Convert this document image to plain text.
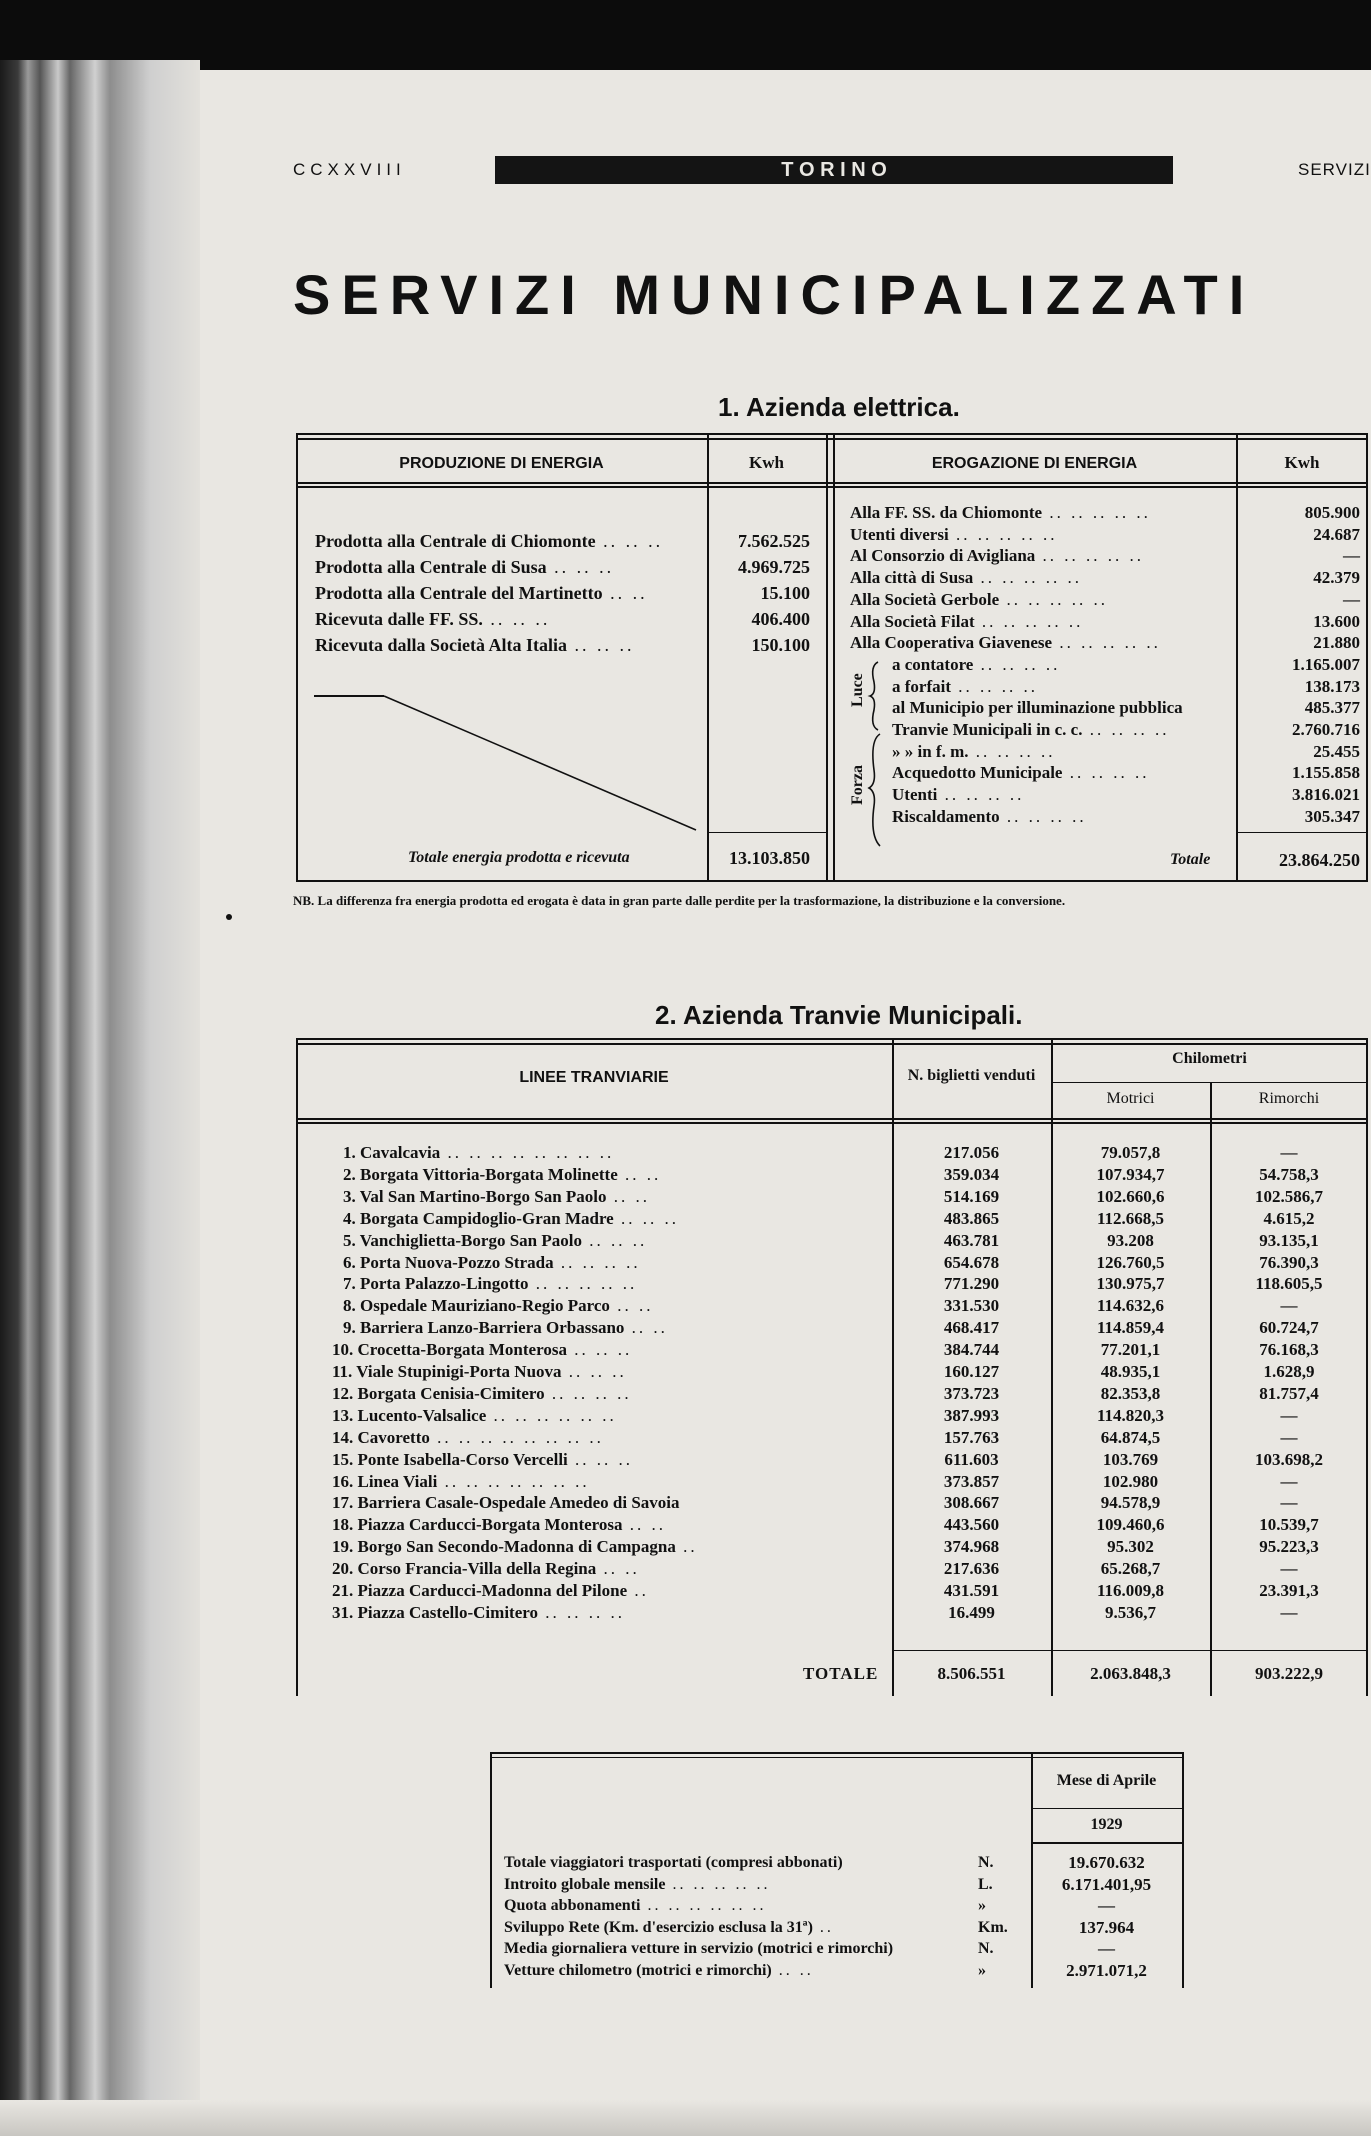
CCXXVIII	T O R I N O	SERVIZI
SERVIZI MUNICIPALIZZATI
1. Azienda elettrica.
PRODUZIONE DI ENERGIA	Kwh	EROGAZIONE DI ENERGIA	Kwh
Prodotta alla Centrale di Chiomonte .. .. ..	7.562.525
Prodotta alla Centrale di Susa .. .. ..	4.969.725
Prodotta alla Centrale del Martinetto .. ..	15.100
Ricevuta dalle FF. SS. .. .. ..	406.400
Ricevuta dalla Società Alta Italia .. .. ..	150.100
Alla FF. SS. da Chiomonte .. .. .. .. ..	805.900
Utenti diversi .. .. .. .. ..	24.687
Al Consorzio di Avigliana .. .. .. .. ..	—
Alla città di Susa .. .. .. .. ..	42.379
Alla Società Gerbole .. .. .. .. ..	—
Alla Società Filat .. .. .. .. ..	13.600
Alla Cooperativa Giavenese .. .. .. .. ..	21.880
a contatore .. .. .. ..	1.165.007
a forfait .. .. .. ..	138.173
al Municipio per illuminazione pubblica	485.377
Tranvie Municipali in c. c. .. .. .. ..	2.760.716
» » in f. m. .. .. .. ..	25.455
Acquedotto Municipale .. .. .. ..	1.155.858
Utenti .. .. .. ..	3.816.021
Riscaldamento .. .. .. ..	305.347
Totale energia prodotta e ricevuta	13.103.850	Totale	23.864.250
Luce
Forza
NB. La differenza fra energia prodotta ed erogata è data in gran parte dalle perdite per la trasformazione, la distribuzione e la conversione.
2. Azienda Tranvie Municipali.
LINEE TRANVIARIE	N. biglietti venduti
Chilometri
Motrici	Rimorchi
1. Cavalcavia .. .. .. .. .. .. .. ..	217.056	79.057,8	—
2. Borgata Vittoria-Borgata Molinette .. ..	359.034	107.934,7	54.758,3
3. Val San Martino-Borgo San Paolo .. ..	514.169	102.660,6	102.586,7
4. Borgata Campidoglio-Gran Madre .. .. ..	483.865	112.668,5	4.615,2
5. Vanchiglietta-Borgo San Paolo .. .. ..	463.781	93.208	93.135,1
6. Porta Nuova-Pozzo Strada .. .. .. ..	654.678	126.760,5	76.390,3
7. Porta Palazzo-Lingotto .. .. .. .. ..	771.290	130.975,7	118.605,5
8. Ospedale Mauriziano-Regio Parco .. ..	331.530	114.632,6	—
9. Barriera Lanzo-Barriera Orbassano .. ..	468.417	114.859,4	60.724,7
10. Crocetta-Borgata Monterosa .. .. ..	384.744	77.201,1	76.168,3
11. Viale Stupinigi-Porta Nuova .. .. ..	160.127	48.935,1	1.628,9
12. Borgata Cenisia-Cimitero .. .. .. ..	373.723	82.353,8	81.757,4
13. Lucento-Valsalice .. .. .. .. .. ..	387.993	114.820,3	—
14. Cavoretto .. .. .. .. .. .. .. ..	157.763	64.874,5	—
15. Ponte Isabella-Corso Vercelli .. .. ..	611.603	103.769	103.698,2
16. Linea Viali .. .. .. .. .. .. ..	373.857	102.980	—
17. Barriera Casale-Ospedale Amedeo di Savoia	308.667	94.578,9	—
18. Piazza Carducci-Borgata Monterosa .. ..	443.560	109.460,6	10.539,7
19. Borgo San Secondo-Madonna di Campagna ..	374.968	95.302	95.223,3
20. Corso Francia-Villa della Regina .. ..	217.636	65.268,7	—
21. Piazza Carducci-Madonna del Pilone ..	431.591	116.009,8	23.391,3
31. Piazza Castello-Cimitero .. .. .. ..	16.499	9.536,7	—
TOTALE	8.506.551	2.063.848,3	903.222,9
Mese di Aprile
1929
Totale viaggiatori trasportati (compresi abbonati)	N.	19.670.632
Introito globale mensile .. .. .. .. ..	L.	6.171.401,95
Quota abbonamenti .. .. .. .. .. ..	»	—
Sviluppo Rete (Km. d'esercizio esclusa la 31ª) ..	Km.	137.964
Media giornaliera vetture in servizio (motrici e rimorchi)	N.	—
Vetture chilometro (motrici e rimorchi) .. ..	»	2.971.071,2
